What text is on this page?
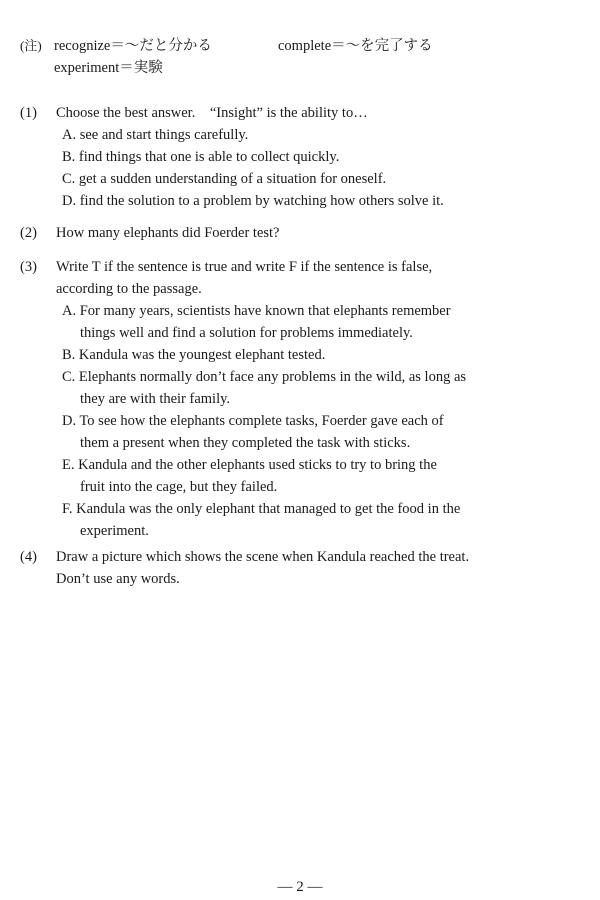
(注) recognize＝〜だと分かる	complete＝〜を完了する
experiment＝実験
(1) Choose the best answer.　“Insight” is the ability to…
A. see and start things carefully.
B. find things that one is able to collect quickly.
C. get a sudden understanding of a situation for oneself.
D. find the solution to a problem by watching how others solve it.
(2) How many elephants did Foerder test?
(3) Write T if the sentence is true and write F if the sentence is false,
according to the passage.
A. For many years, scientists have known that elephants remember
things well and find a solution for problems immediately.
B. Kandula was the youngest elephant tested.
C. Elephants normally don’t face any problems in the wild, as long as
they are with their family.
D. To see how the elephants complete tasks, Foerder gave each of
them a present when they completed the task with sticks.
E. Kandula and the other elephants used sticks to try to bring the
fruit into the cage, but they failed.
F. Kandula was the only elephant that managed to get the food in the
experiment.
(4) Draw a picture which shows the scene when Kandula reached the treat.
Don’t use any words.
— 2 —
